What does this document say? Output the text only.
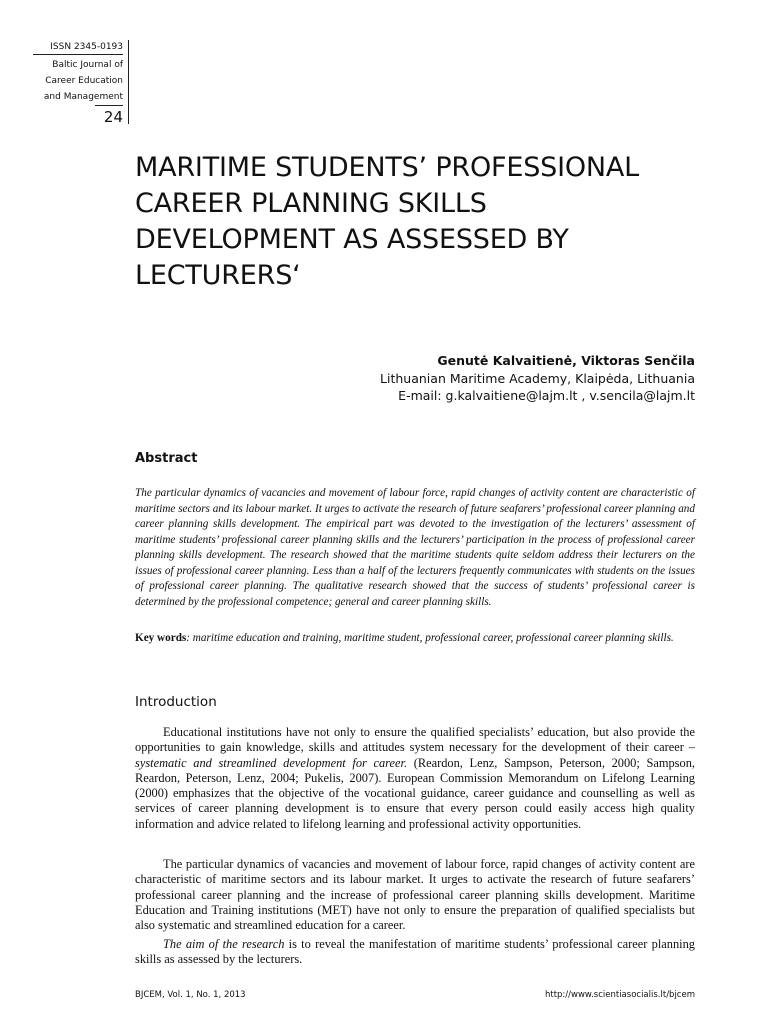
ISSN 2345-0193
Baltic Journal of
Career Education
and Management
24
MARITIME STUDENTS’ PROFESSIONAL
CAREER PLANNING SKILLS
DEVELOPMENT AS ASSESSED BY
LECTURERS‘
Genutė Kalvaitienė, Viktoras Senčila
Lithuanian Maritime Academy, Klaipėda, Lithuania
E-mail: g.kalvaitiene@lajm.lt , v.sencila@lajm.lt
Abstract

The particular dynamics of vacancies and movement of labour force, rapid changes of activity content are characteristic of maritime sectors and its labour market. It urges to activate the research of future seafarers’ professional career planning and career planning skills development. The empirical part was devoted to the investigation of the lecturers’ assessment of maritime students’ professional career planning skills and the lecturers’ participation in the process of professional career planning skills development. The research showed that the maritime students quite seldom address their lecturers on the issues of professional career planning. Less than a half of the lecturers frequently communicates with students on the issues of professional career planning. The qualitative research showed that the success of students’ professional career is determined by the professional competence; general and career planning skills.

Key words: maritime education and training, maritime student, professional career, professional career planning skills.

Introduction

Educational institutions have not only to ensure the qualified specialists’ education, but also provide the opportunities to gain knowledge, skills and attitudes system necessary for the development of their career – systematic and streamlined development for career. (Reardon, Lenz, Sampson, Peterson, 2000; Sampson, Reardon, Peterson, Lenz, 2004; Pukelis, 2007). European Commission Memorandum on Lifelong Learning (2000) emphasizes that the objective of the vocational guidance, career guidance and counselling as well as services of career planning development is to ensure that every person could easily access high quality information and advice related to lifelong learning and professional activity opportunities.

The particular dynamics of vacancies and movement of labour force, rapid changes of activity content are characteristic of maritime sectors and its labour market. It urges to activate the research of future seafarers’ professional career planning and the increase of professional career planning skills development. Maritime Education and Training institutions (MET) have not only to ensure the preparation of qualified specialists but also systematic and streamlined education for a career.

The aim of the research is to reveal the manifestation of maritime students’ professional career planning skills as assessed by the lecturers.

BJCEM, Vol. 1, No. 1, 2013	http://www.scientiasocialis.lt/bjcem
